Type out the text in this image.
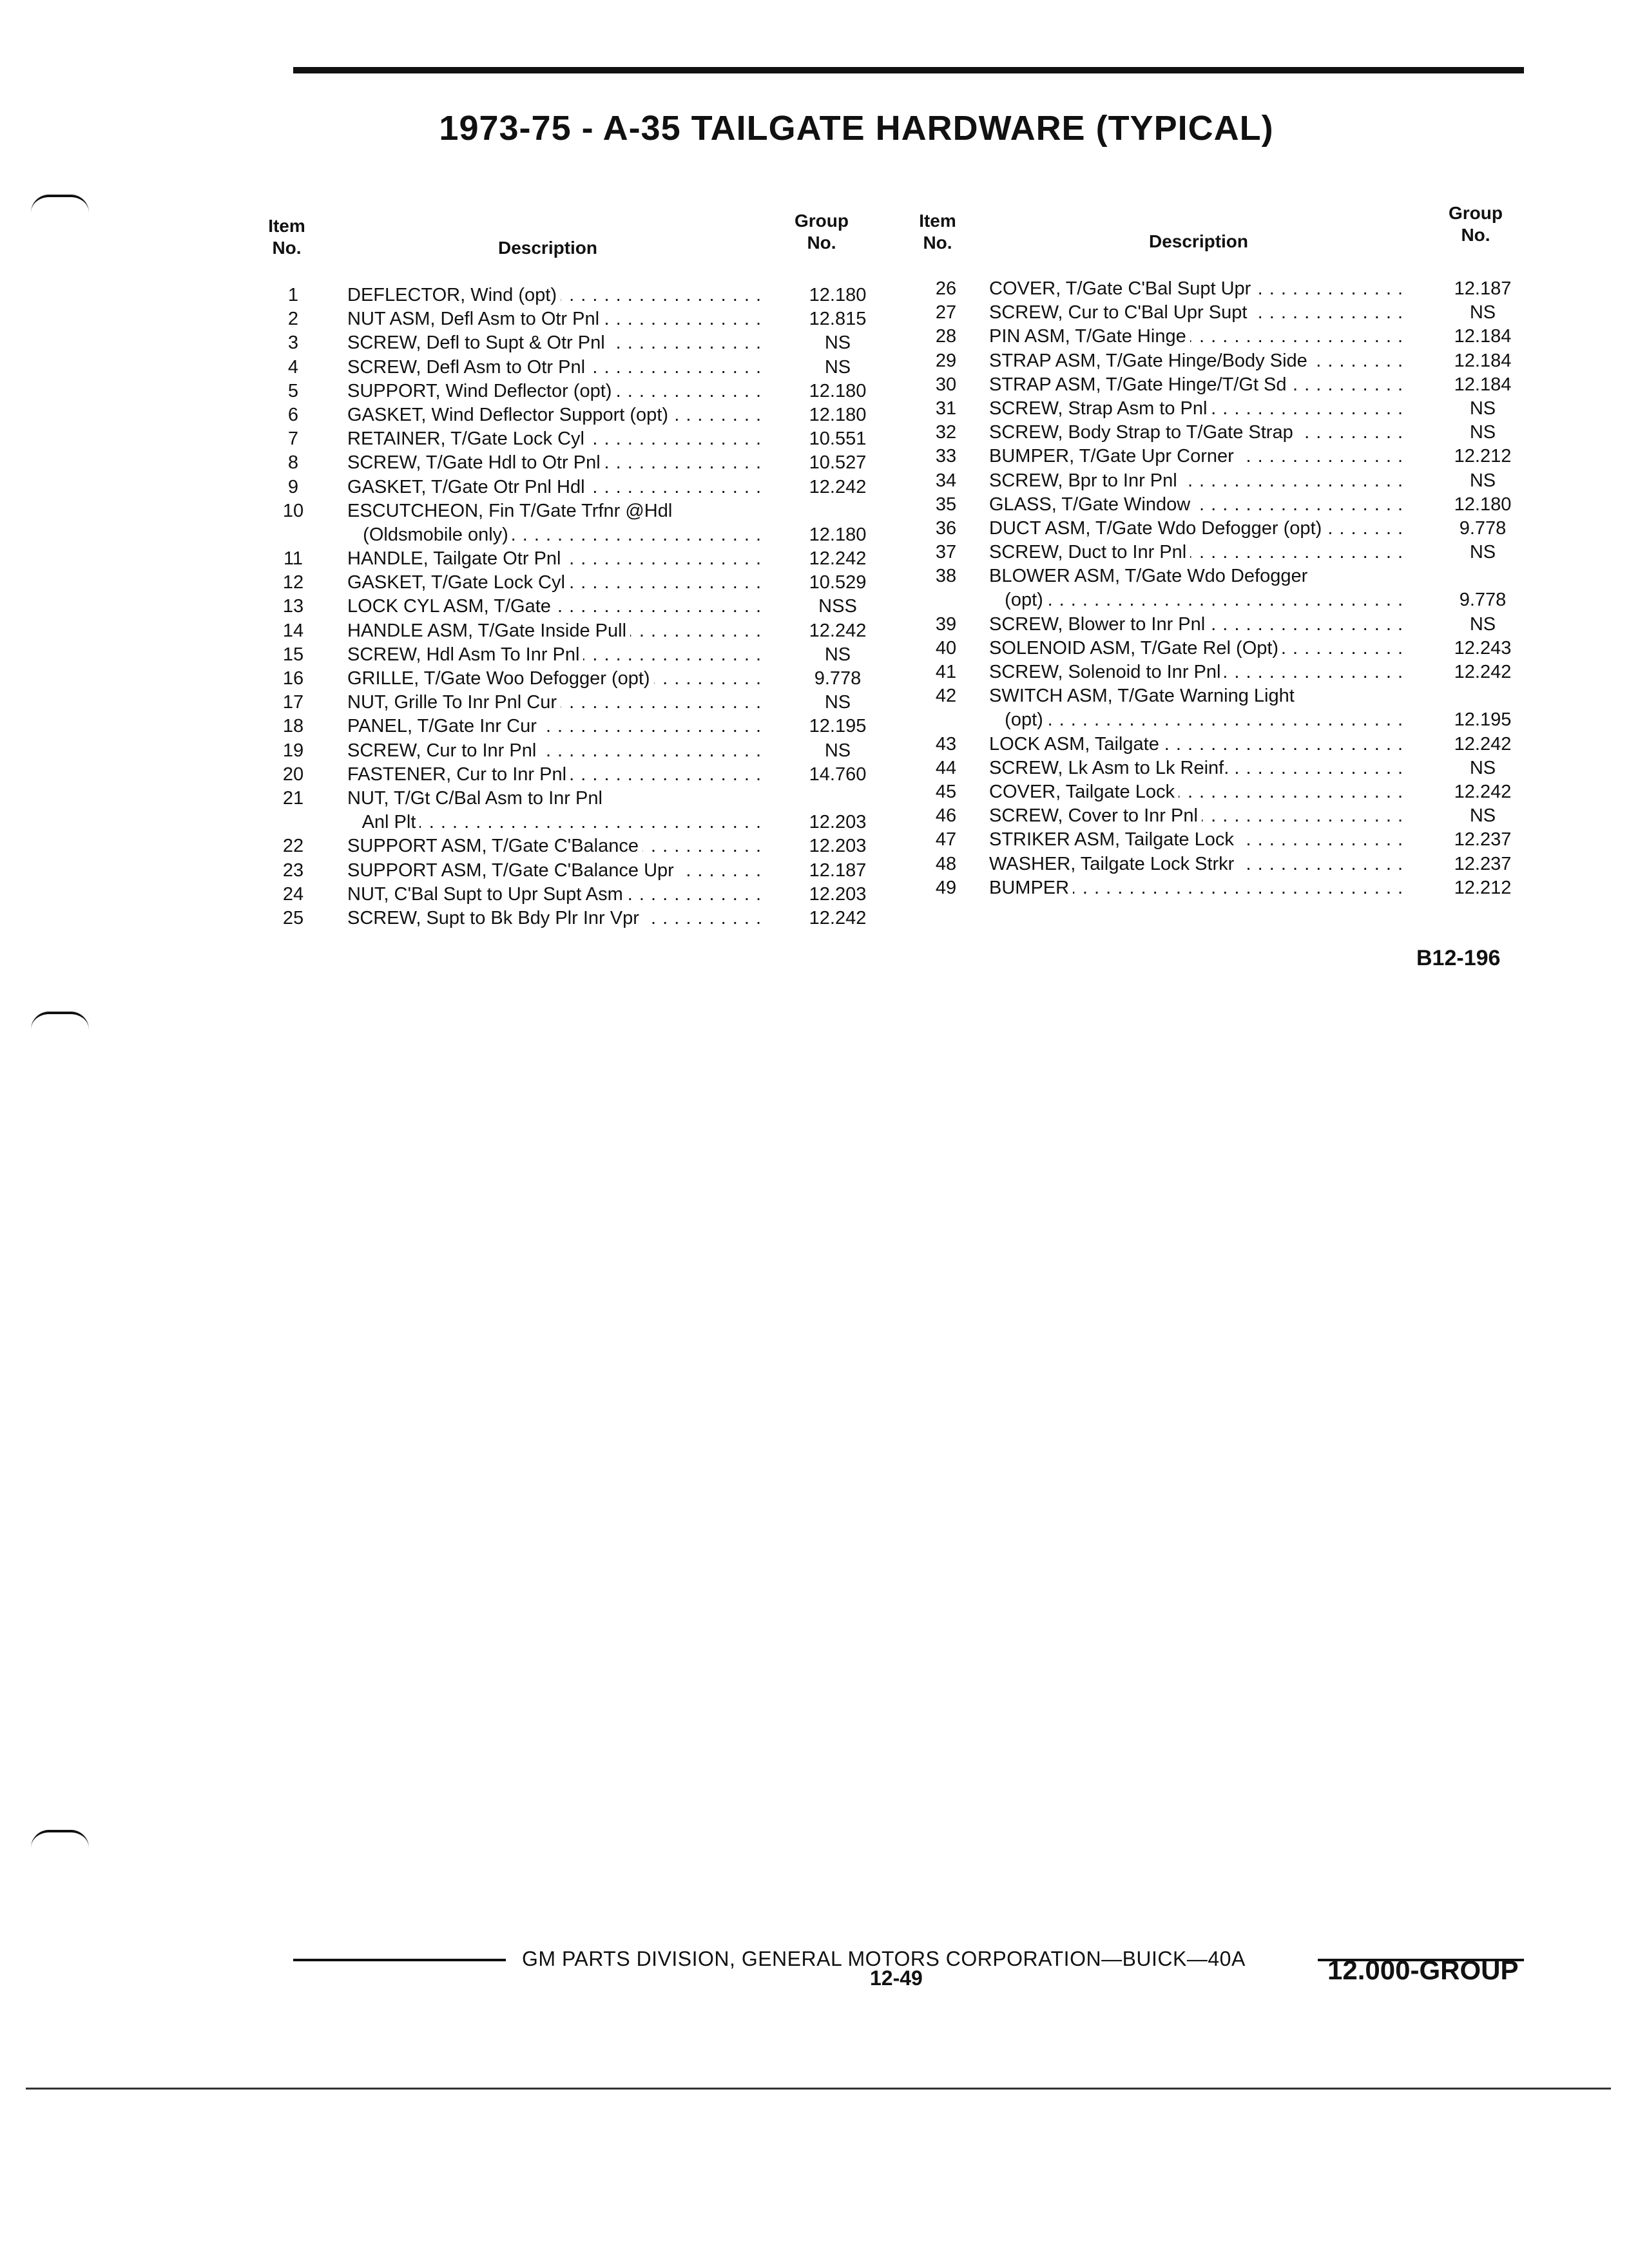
1973-75 - A-35 TAILGATE HARDWARE (TYPICAL)
Item
No.	Description
Group
No.
Item
No.	Description
Group
No.
1	DEFLECTOR, Wind (opt) . . .	12.180
2	NUT ASM, Defl Asm to Otr Pnl . . .	12.815
3	SCREW, Defl to Supt & Otr Pnl . . .	NS
4	SCREW, Defl Asm to Otr Pnl . . .	NS
5	SUPPORT, Wind Deflector (opt) . . .	12.180
6	GASKET, Wind Deflector Support (opt) . . .	12.180
7	RETAINER, T/Gate Lock Cyl . . .	10.551
8	SCREW, T/Gate Hdl to Otr Pnl . . .	10.527
9	GASKET, T/Gate Otr Pnl Hdl . . .	12.242
10	ESCUTCHEON, Fin T/Gate Trfnr @Hdl
(Oldsmobile only) . . .	12.180
11	HANDLE, Tailgate Otr Pnl . . .	12.242
12	GASKET, T/Gate Lock Cyl . . .	10.529
13	LOCK CYL ASM, T/Gate . . .	NSS
14	HANDLE ASM, T/Gate Inside Pull . . .	12.242
15	SCREW, Hdl Asm To Inr Pnl . . .	NS
16	GRILLE, T/Gate Woo Defogger (opt) . . .	9.778
17	NUT, Grille To Inr Pnl Cur . . .	NS
18	PANEL, T/Gate Inr Cur . . .	12.195
19	SCREW, Cur to Inr Pnl . . .	NS
20	FASTENER, Cur to Inr Pnl . . .	14.760
21	NUT, T/Gt C/Bal Asm to Inr Pnl
Anl Plt . . .	12.203
22	SUPPORT ASM, T/Gate C'Balance . . .	12.203
23	SUPPORT ASM, T/Gate C'Balance Upr . . .	12.187
24	NUT, C'Bal Supt to Upr Supt Asm . . .	12.203
25	SCREW, Supt to Bk Bdy Plr Inr Vpr . . .	12.242
26	COVER, T/Gate C'Bal Supt Upr . . .	12.187
27	SCREW, Cur to C'Bal Upr Supt . . .	NS
28	PIN ASM, T/Gate Hinge . . .	12.184
29	STRAP ASM, T/Gate Hinge/Body Side . . .	12.184
30	STRAP ASM, T/Gate Hinge/T/Gt Sd . . .	12.184
31	SCREW, Strap Asm to Pnl . . .	NS
32	SCREW, Body Strap to T/Gate Strap . . .	NS
33	BUMPER, T/Gate Upr Corner . . .	12.212
34	SCREW, Bpr to Inr Pnl . . .	NS
35	GLASS, T/Gate Window . . .	12.180
36	DUCT ASM, T/Gate Wdo Defogger (opt) . . .	9.778
37	SCREW, Duct to Inr Pnl . . .	NS
38	BLOWER ASM, T/Gate Wdo Defogger
(opt) . . .	9.778
39	SCREW, Blower to Inr Pnl . . .	NS
40	SOLENOID ASM, T/Gate Rel (Opt) . . .	12.243
41	SCREW, Solenoid to Inr Pnl . . .	12.242
42	SWITCH ASM, T/Gate Warning Light
(opt) . . .	12.195
43	LOCK ASM, Tailgate . . .	12.242
44	SCREW, Lk Asm to Lk Reinf. . . .	NS
45	COVER, Tailgate Lock . . .	12.242
46	SCREW, Cover to Inr Pnl . . .	NS
47	STRIKER ASM, Tailgate Lock . . .	12.237
48	WASHER, Tailgate Lock Strkr . . .	12.237
49	BUMPER . . .	12.212
B12-196
GM PARTS DIVISION, GENERAL MOTORS CORPORATION—BUICK—40A
12-49	12.000-GROUP
